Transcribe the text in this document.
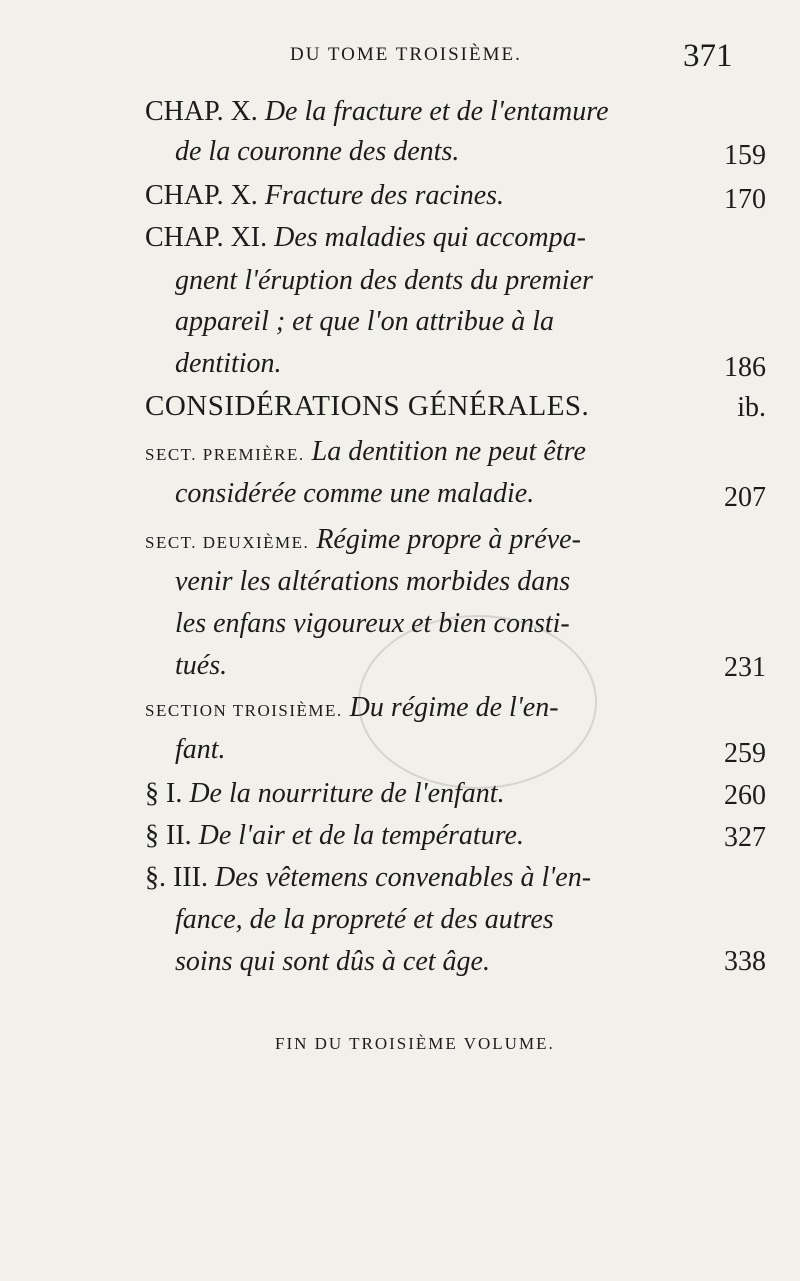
DU TOME TROISIÈME.	371
CHAP. X. De la fracture et de l'entamure
de la couronne des dents.	159
CHAP. X. Fracture des racines.	170
CHAP. XI. Des maladies qui accompa-
gnent l'éruption des dents du premier
appareil ; et que l'on attribue à la
dentition.	186
CONSIDÉRATIONS GÉNÉRALES.	ib.
SECT. PREMIÈRE. La dentition ne peut être
considérée comme une maladie.	207
SECT. DEUXIÈME. Régime propre à préve-
venir les altérations morbides dans
les enfans vigoureux et bien consti-
tués.	231
SECTION TROISIÈME. Du régime de l'en-
fant.	259
§ I. De la nourriture de l'enfant.	260
§ II. De l'air et de la température.	327
§. III. Des vêtemens convenables à l'en-
fance, de la propreté et des autres
soins qui sont dûs à cet âge.	338
FIN DU TROISIÈME VOLUME.
